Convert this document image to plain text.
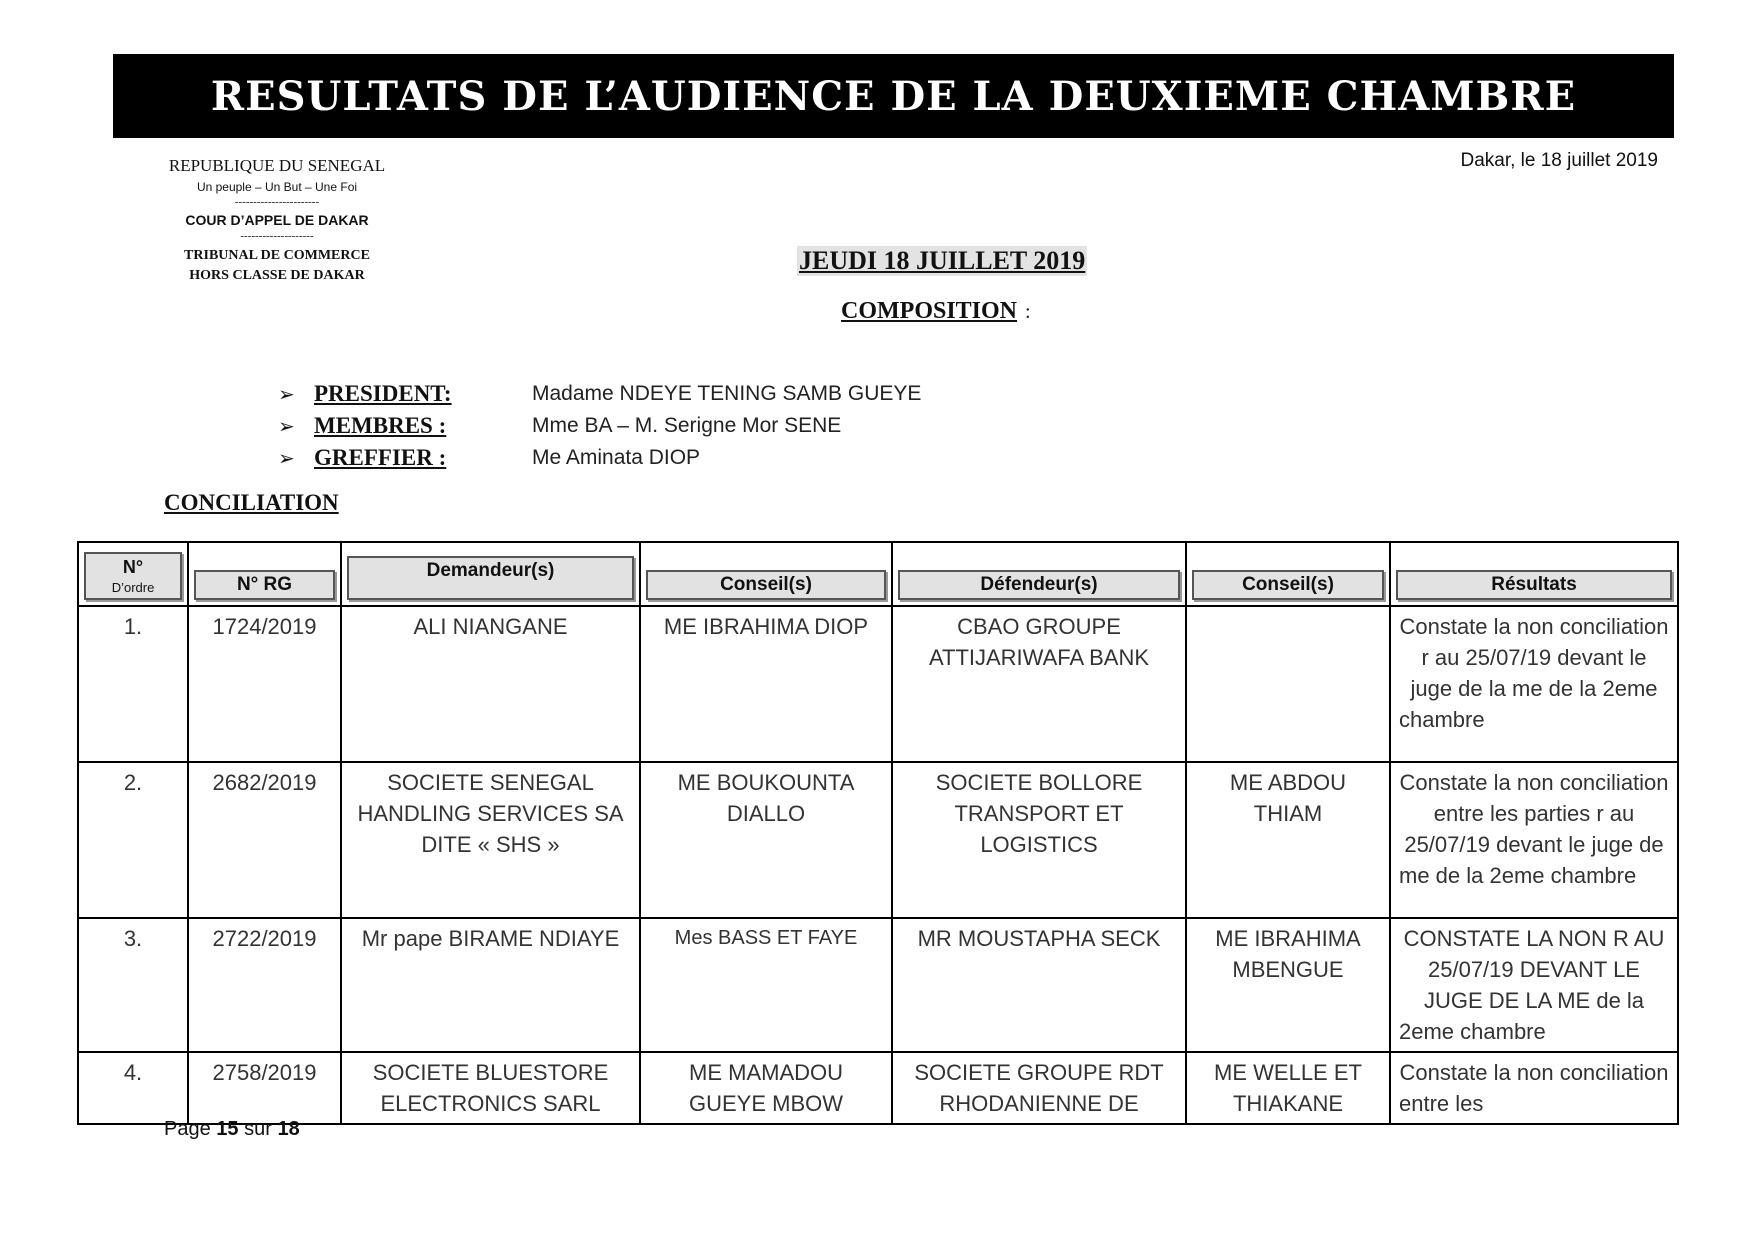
RESULTATS DE L’AUDIENCE DE LA DEUXIEME CHAMBRE
REPUBLIQUE DU SENEGAL
Un peuple – Un But – Une Foi
-----------------------
COUR D’APPEL DE DAKAR
--------------------
TRIBUNAL DE COMMERCE
HORS CLASSE DE DAKAR
Dakar, le 18 juillet 2019
JEUDI 18 JUILLET 2019
COMPOSITION :
➢ PRESIDENT:	Madame NDEYE TENING SAMB GUEYE
➢ MEMBRES :	Mme BA – M. Serigne Mor SENE
➢ GREFFIER :	Me Aminata DIOP
CONCILIATION
N°
D’ordre	N° RG	Demandeur(s)	Conseil(s)	Défendeur(s)	Conseil(s)	Résultats

1.	1724/2019	ALI NIANGANE	ME IBRAHIMA DIOP	CBAO GROUPE ATTIJARIWAFA BANK		Constate la non conciliation r au 25/07/19 devant le juge de la me de la 2eme chambre
2.	2682/2019	SOCIETE SENEGAL HANDLING SERVICES SA DITE « SHS »	ME BOUKOUNTA DIALLO	SOCIETE BOLLORE TRANSPORT ET LOGISTICS	ME ABDOU THIAM	Constate la non conciliation entre les parties r au 25/07/19 devant le juge de me de la 2eme chambre
3.	2722/2019	Mr pape BIRAME NDIAYE	Mes BASS ET FAYE	MR MOUSTAPHA SECK	ME IBRAHIMA MBENGUE	CONSTATE LA NON R AU 25/07/19 DEVANT LE JUGE DE LA ME de la 2eme chambre
4.	2758/2019	SOCIETE BLUESTORE ELECTRONICS SARL	ME MAMADOU GUEYE MBOW	SOCIETE GROUPE RDT RHODANIENNE DE	ME WELLE ET THIAKANE	Constate la non conciliation entre les
Page 15 sur 18
